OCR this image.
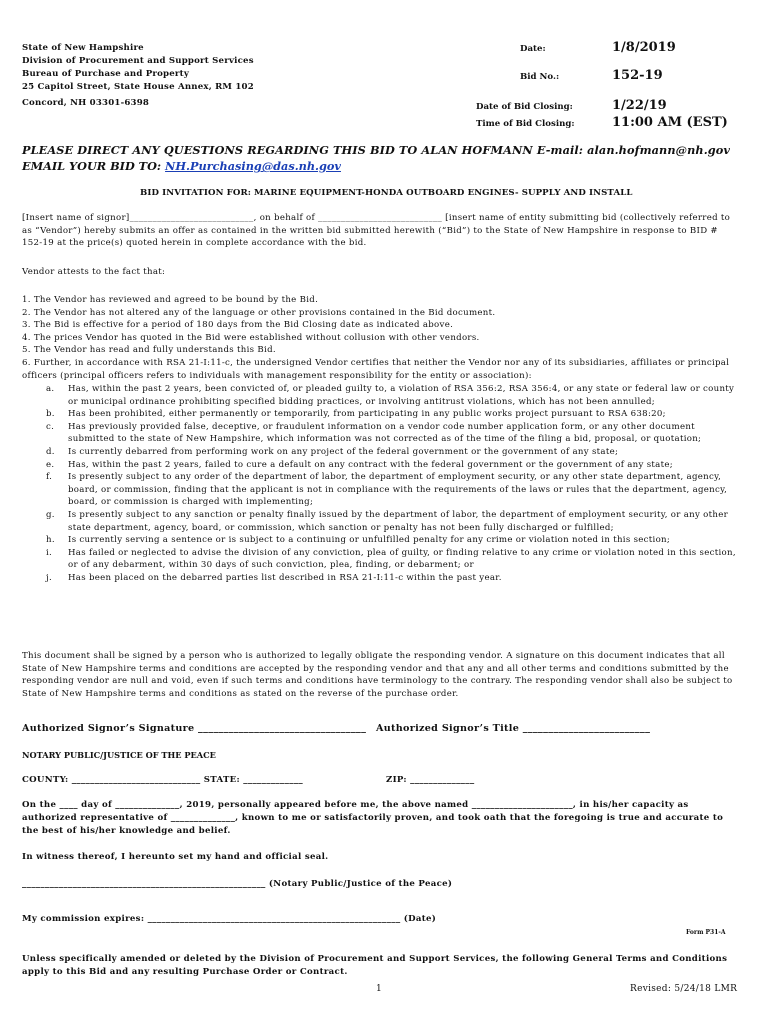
State of New Hampshire
Division of Procurement and Support Services
Bureau of Purchase and Property
25 Capitol Street, State House Annex, RM 102
Concord, NH 03301-6398
Date:	1/8/2019
Bid No.:	152-19
Date of Bid Closing:	1/22/19
Time of Bid Closing:	11:00 AM (EST)
PLEASE DIRECT ANY QUESTIONS REGARDING THIS BID TO ALAN HOFMANN E-mail: alan.hofmann@nh.gov
EMAIL YOUR BID TO: NH.Purchasing@das.nh.gov
BID INVITATION FOR: MARINE EQUIPMENT-HONDA OUTBOARD ENGINES- SUPPLY AND INSTALL
[Insert name of signor]___________________________, on behalf of ___________________________ [insert name of entity submitting bid (collectively referred to as “Vendor”) hereby submits an offer as contained in the written bid submitted herewith (“Bid”) to the State of New Hampshire in response to BID # 152-19 at the price(s) quoted herein in complete accordance with the bid.
Vendor attests to the fact that:
1. The Vendor has reviewed and agreed to be bound by the Bid.
2. The Vendor has not altered any of the language or other provisions contained in the Bid document.
3. The Bid is effective for a period of 180 days from the Bid Closing date as indicated above.
4. The prices Vendor has quoted in the Bid were established without collusion with other vendors.
5. The Vendor has read and fully understands this Bid.
6. Further, in accordance with RSA 21-I:11-c, the undersigned Vendor certifies that neither the Vendor nor any of its subsidiaries, affiliates or principal officers (principal officers refers to individuals with management responsibility for the entity or association):
a.	Has, within the past 2 years, been convicted of, or pleaded guilty to, a violation of RSA 356:2, RSA 356:4, or any state or federal law or county or municipal ordinance prohibiting specified bidding practices, or involving antitrust violations, which has not been annulled;
b.	Has been prohibited, either permanently or temporarily, from participating in any public works project pursuant to RSA 638:20;
c.	Has previously provided false, deceptive, or fraudulent information on a vendor code number application form, or any other document submitted to the state of New Hampshire, which information was not corrected as of the time of the filing a bid, proposal, or quotation;
d.	Is currently debarred from performing work on any project of the federal government or the government of any state;
e.	Has, within the past 2 years, failed to cure a default on any contract with the federal government or the government of any state;
f.	Is presently subject to any order of the department of labor, the department of employment security, or any other state department, agency, board, or commission, finding that the applicant is not in compliance with the requirements of the laws or rules that the department, agency, board, or commission is charged with implementing;
g.	Is presently subject to any sanction or penalty finally issued by the department of labor, the department of employment security, or any other state department, agency, board, or commission, which sanction or penalty has not been fully discharged or fulfilled;
h.	Is currently serving a sentence or is subject to a continuing or unfulfilled penalty for any crime or violation noted in this section;
i.	Has failed or neglected to advise the division of any conviction, plea of guilty, or finding relative to any crime or violation noted in this section, or of any debarment, within 30 days of such conviction, plea, finding, or debarment; or
j.	Has been placed on the debarred parties list described in RSA 21-I:11-c within the past year.
This document shall be signed by a person who is authorized to legally obligate the responding vendor. A signature on this document indicates that all State of New Hampshire terms and conditions are accepted by the responding vendor and that any and all other terms and conditions submitted by the responding vendor are null and void, even if such terms and conditions have terminology to the contrary. The responding vendor shall also be subject to State of New Hampshire terms and conditions as stated on the reverse of the purchase order.
Authorized Signor’s Signature _________________________________ Authorized Signor’s Title _________________________
NOTARY PUBLIC/JUSTICE OF THE PEACE
COUNTY: ____________________________ STATE: _____________	ZIP: ______________
On the ____ day of ______________, 2019, personally appeared before me, the above named ______________________, in his/her capacity as authorized representative of ______________, known to me or satisfactorily proven, and took oath that the foregoing is true and accurate to the best of his/her knowledge and belief.
In witness thereof, I hereunto set my hand and official seal.
_____________________________________________________ (Notary Public/Justice of the Peace)
My commission expires: _______________________________________________________ (Date)
Form P31-A
Unless specifically amended or deleted by the Division of Procurement and Support Services, the following General Terms and Conditions apply to this Bid and any resulting Purchase Order or Contract.
1	Revised: 5/24/18 LMR
